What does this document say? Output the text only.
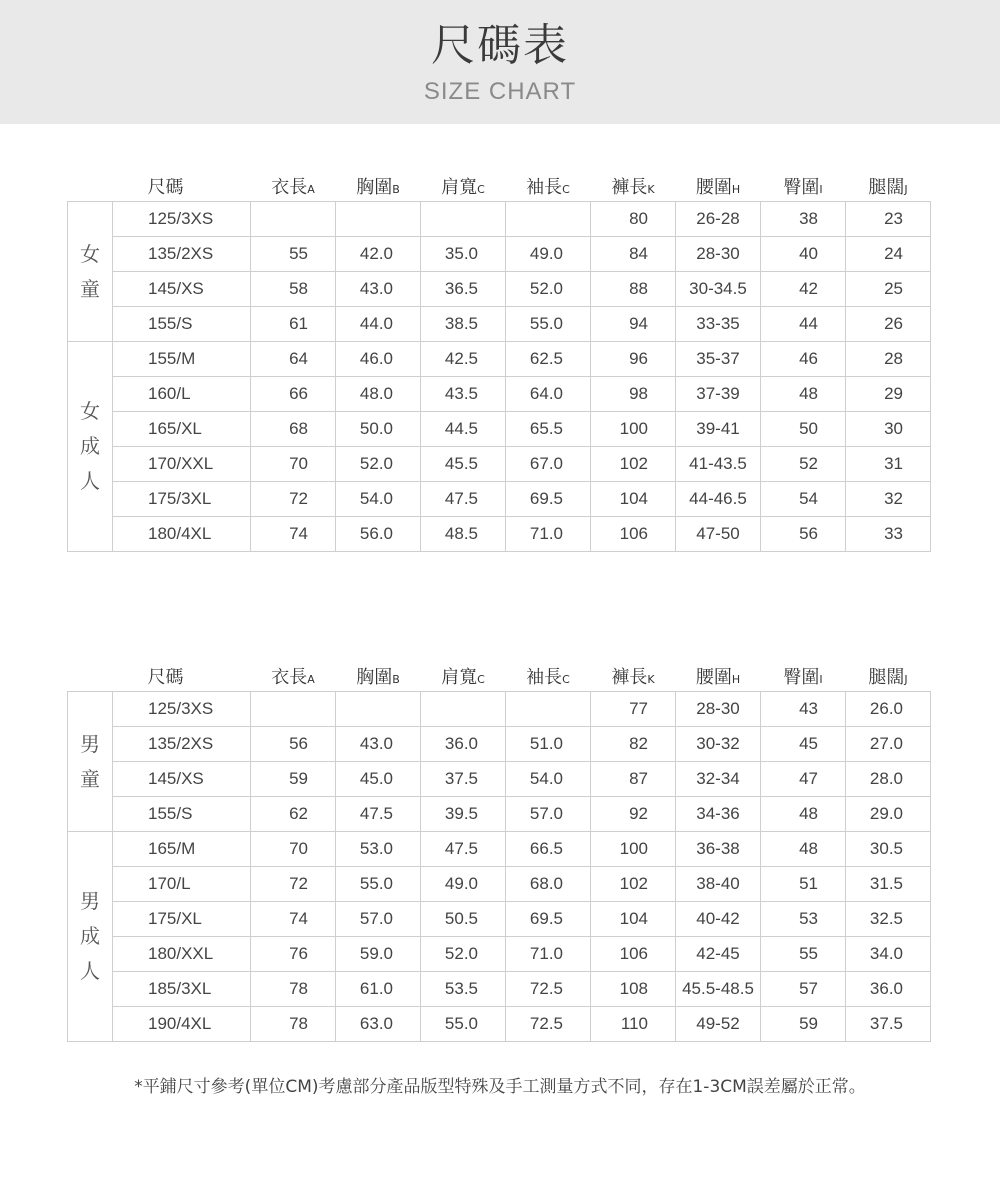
尺碼表
SIZE CHART
	尺碼	衣長A	胸圍B	肩寬C	袖長C	褲長K	腰圍H	臀圍I	腿闊J
女
童	125/3XS					80	26-28	38	23
	135/2XS	55	42.0	35.0	49.0	84	28-30	40	24
	145/XS	58	43.0	36.5	52.0	88	30-34.5	42	25
	155/S	61	44.0	38.5	55.0	94	33-35	44	26
女
成
人	155/M	64	46.0	42.5	62.5	96	35-37	46	28
	160/L	66	48.0	43.5	64.0	98	37-39	48	29
	165/XL	68	50.0	44.5	65.5	100	39-41	50	30
	170/XXL	70	52.0	45.5	67.0	102	41-43.5	52	31
	175/3XL	72	54.0	47.5	69.5	104	44-46.5	54	32
	180/4XL	74	56.0	48.5	71.0	106	47-50	56	33
	尺碼	衣長A	胸圍B	肩寬C	袖長C	褲長K	腰圍H	臀圍I	腿闊J
男
童	125/3XS					77	28-30	43	26.0
	135/2XS	56	43.0	36.0	51.0	82	30-32	45	27.0
	145/XS	59	45.0	37.5	54.0	87	32-34	47	28.0
	155/S	62	47.5	39.5	57.0	92	34-36	48	29.0
男
成
人	165/M	70	53.0	47.5	66.5	100	36-38	48	30.5
	170/L	72	55.0	49.0	68.0	102	38-40	51	31.5
	175/XL	74	57.0	50.5	69.5	104	40-42	53	32.5
	180/XXL	76	59.0	52.0	71.0	106	42-45	55	34.0
	185/3XL	78	61.0	53.5	72.5	108	45.5-48.5	57	36.0
	190/4XL	78	63.0	55.0	72.5	110	49-52	59	37.5
*平鋪尺寸參考(單位CM)考慮部分產品版型特殊及手工測量方式不同，存在1-3CM誤差屬於正常。
